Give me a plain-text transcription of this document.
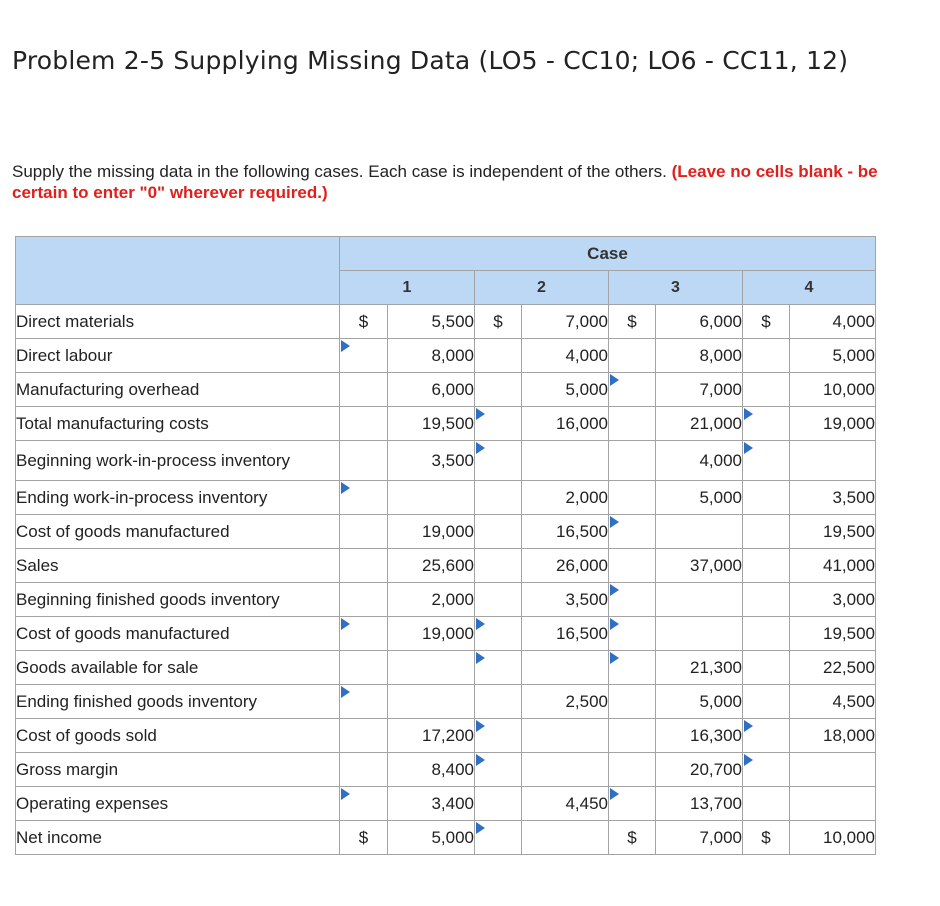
Problem 2-5 Supplying Missing Data (LO5 - CC10; LO6 - CC11, 12)
Supply the missing data in the following cases. Each case is independent of the others. (Leave no cells blank - be certain to enter "0" wherever required.)
	Case							
	1		2		3		4	
Direct materials	$	5,500	$	7,000	$	6,000	$	4,000
Direct labour		8,000		4,000		8,000		5,000
Manufacturing overhead		6,000		5,000		7,000		10,000
Total manufacturing costs		19,500		16,000		21,000		19,000
Beginning work-in-process inventory		3,500				4,000	

Ending work-in-process inventory				2,000		5,000		3,500
Cost of goods manufactured		19,000		16,500				19,500
Sales		25,600		26,000		37,000		41,000
Beginning finished goods inventory		2,000		3,500				3,000
Cost of goods manufactured		19,000		16,500				19,500
Goods available for sale						21,300		22,500
Ending finished goods inventory				2,500		5,000		4,500
Cost of goods sold		17,200				16,300		18,000
Gross margin		8,400				20,700	

Operating expenses		3,400		4,450		13,700		
Net income	$	5,000			$	7,000	$	10,000
